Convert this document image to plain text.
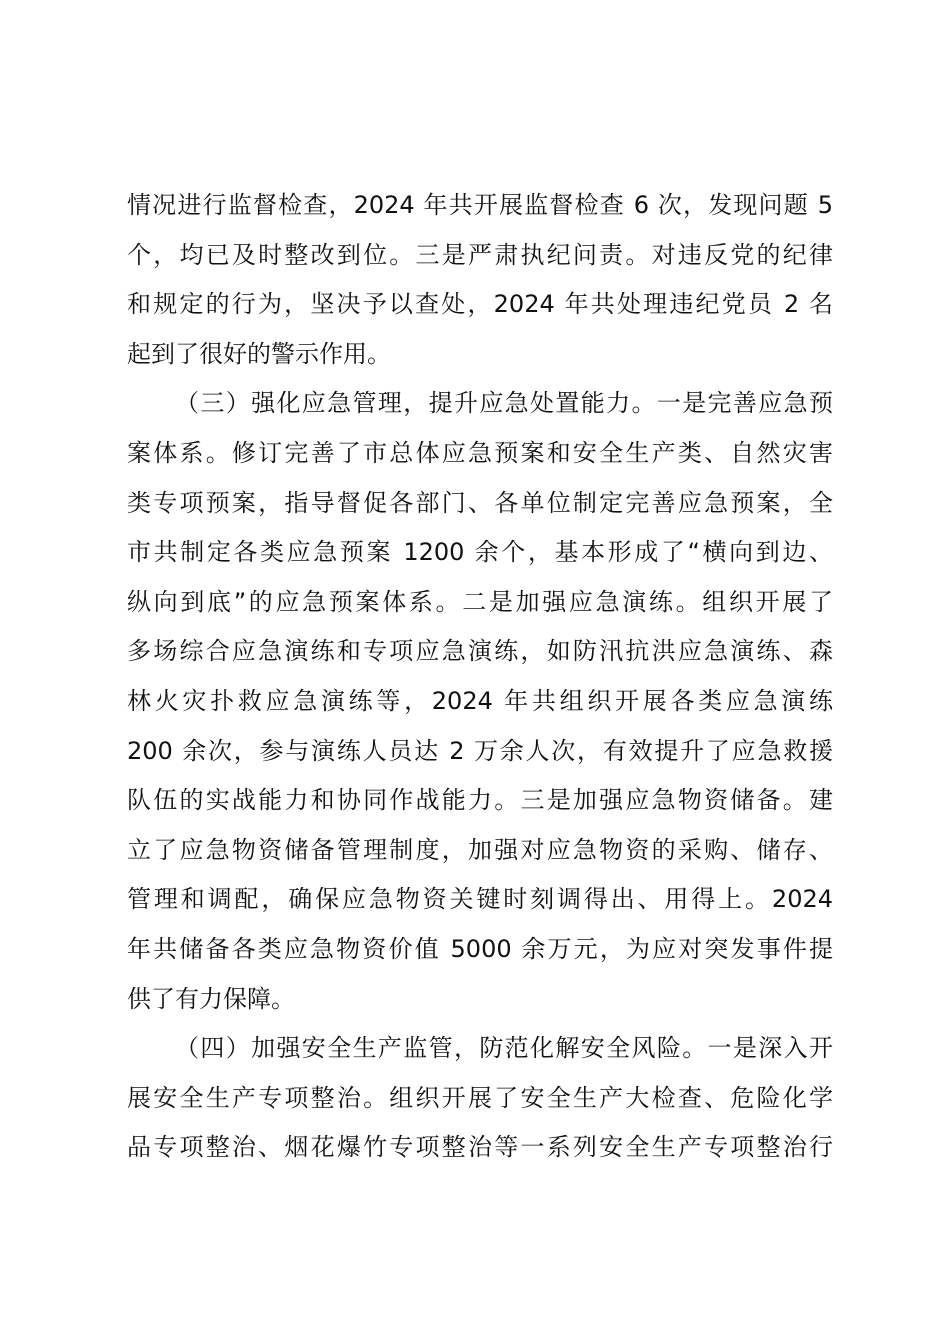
情况进行监督检查，2024 年共开展监督检查 6 次，发现问题 5
个，均已及时整改到位。三是严肃执纪问责。对违反党的纪律
和规定的行为，坚决予以查处，2024 年共处理违纪党员 2 名
起到了很好的警示作用。
（三）强化应急管理，提升应急处置能力。一是完善应急预
案体系。修订完善了市总体应急预案和安全生产类、自然灾害
类专项预案，指导督促各部门、各单位制定完善应急预案，全
市共制定各类应急预案 1200 余个，基本形成了“横向到边、
纵向到底”的应急预案体系。二是加强应急演练。组织开展了
多场综合应急演练和专项应急演练，如防汛抗洪应急演练、森
林火灾扑救应急演练等，2024 年共组织开展各类应急演练
200 余次，参与演练人员达 2 万余人次，有效提升了应急救援
队伍的实战能力和协同作战能力。三是加强应急物资储备。建
立了应急物资储备管理制度，加强对应急物资的采购、储存、
管理和调配，确保应急物资关键时刻调得出、用得上。2024
年共储备各类应急物资价值 5000 余万元，为应对突发事件提
供了有力保障。
（四）加强安全生产监管，防范化解安全风险。一是深入开
展安全生产专项整治。组织开展了安全生产大检查、危险化学
品专项整治、烟花爆竹专项整治等一系列安全生产专项整治行
